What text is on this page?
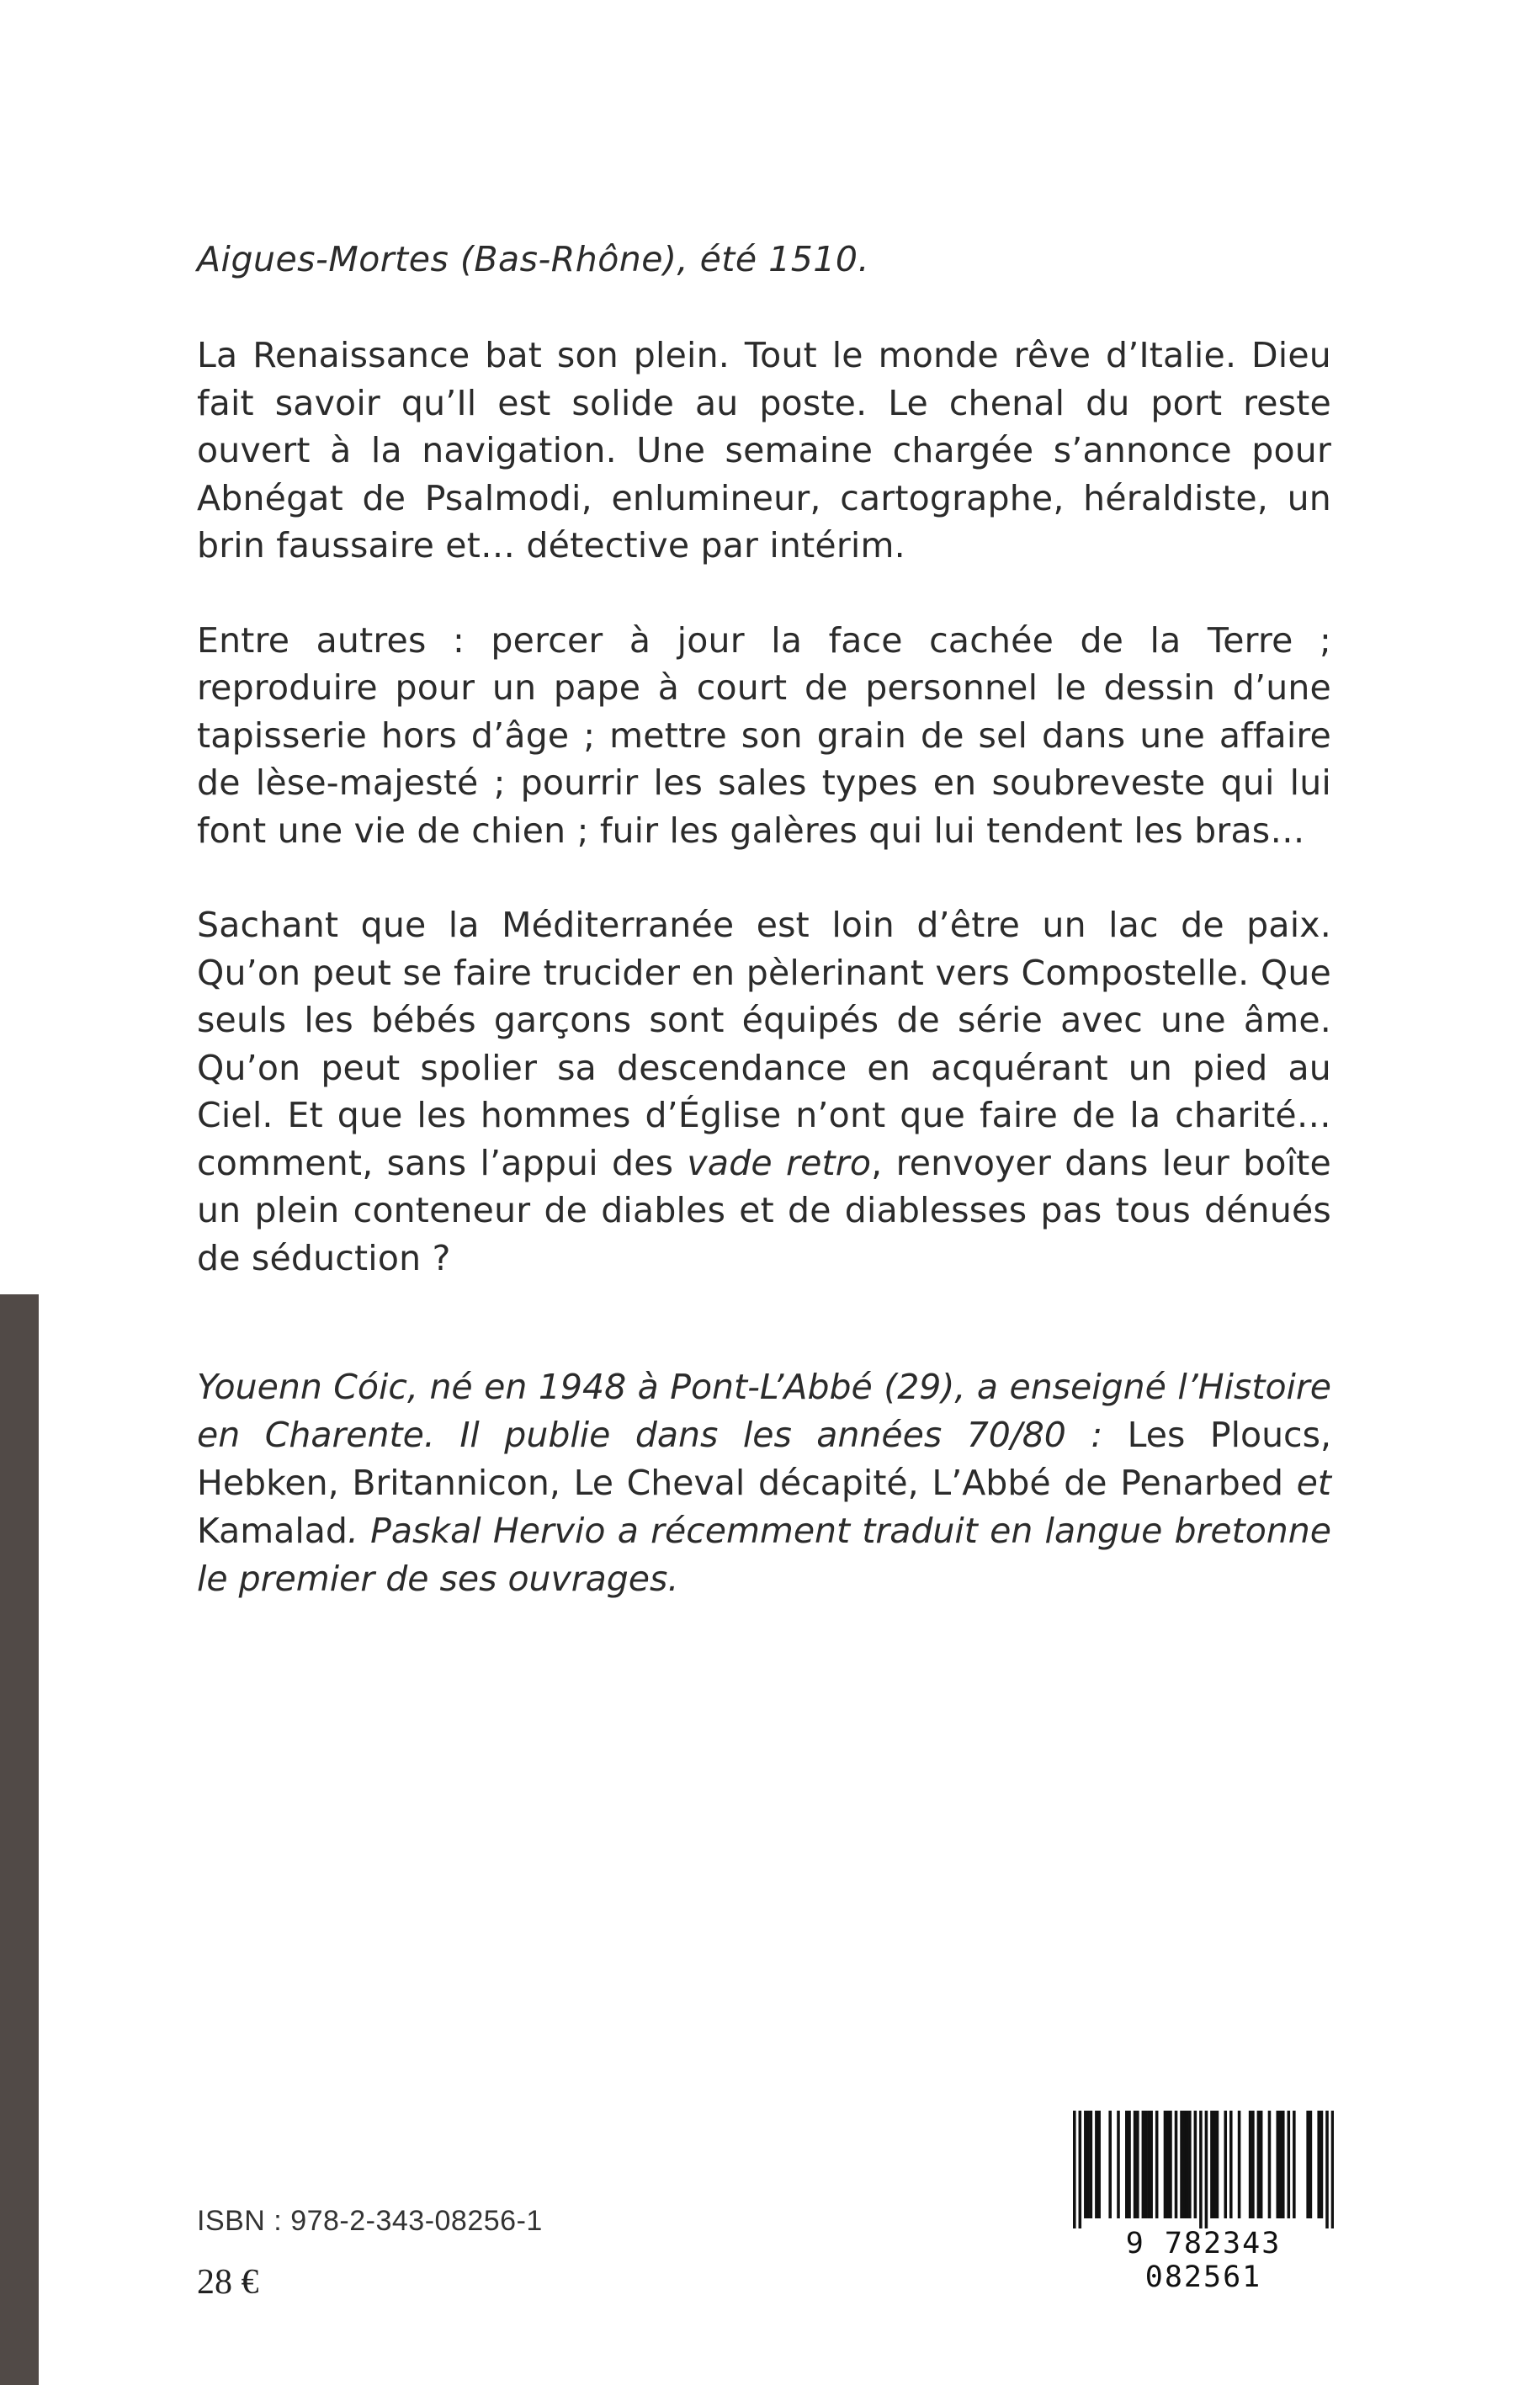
Aigues-Mortes (Bas-Rhône), été 1510.

La Renaissance bat son plein. Tout le monde rêve d’Italie. Dieu fait savoir qu’Il est solide au poste. Le chenal du port reste ouvert à la navigation. Une semaine chargée s’annonce pour Abnégat de Psalmodi, enlumineur, cartographe, héraldiste, un brin faussaire et… détective par intérim.

Entre autres : percer à jour la face cachée de la Terre ; reproduire pour un pape à court de personnel le dessin d’une tapisserie hors d’âge ; mettre son grain de sel dans une affaire de lèse-majesté ; pourrir les sales types en soubreveste qui lui font une vie de chien ; fuir les galères qui lui tendent les bras…

Sachant que la Méditerranée est loin d’être un lac de paix. Qu’on peut se faire trucider en pèlerinant vers Compostelle. Que seuls les bébés garçons sont équipés de série avec une âme. Qu’on peut spolier sa descendance en acquérant un pied au Ciel. Et que les hommes d’Église n’ont que faire de la charité… comment, sans l’appui des vade retro, renvoyer dans leur boîte un plein conteneur de diables et de diablesses pas tous dénués de séduction ?

Youenn Cóic, né en 1948 à Pont-L’Abbé (29), a enseigné l’Histoire en Charente. Il publie dans les années 70/80 : Les Ploucs, Hebken, Britannicon, Le Cheval décapité, L’Abbé de Penarbed et Kamalad. Paskal Hervio a récemment traduit en langue bretonne le premier de ses ouvrages.
ISBN : 978-2-343-08256-1
28 €
9 782343 082561
